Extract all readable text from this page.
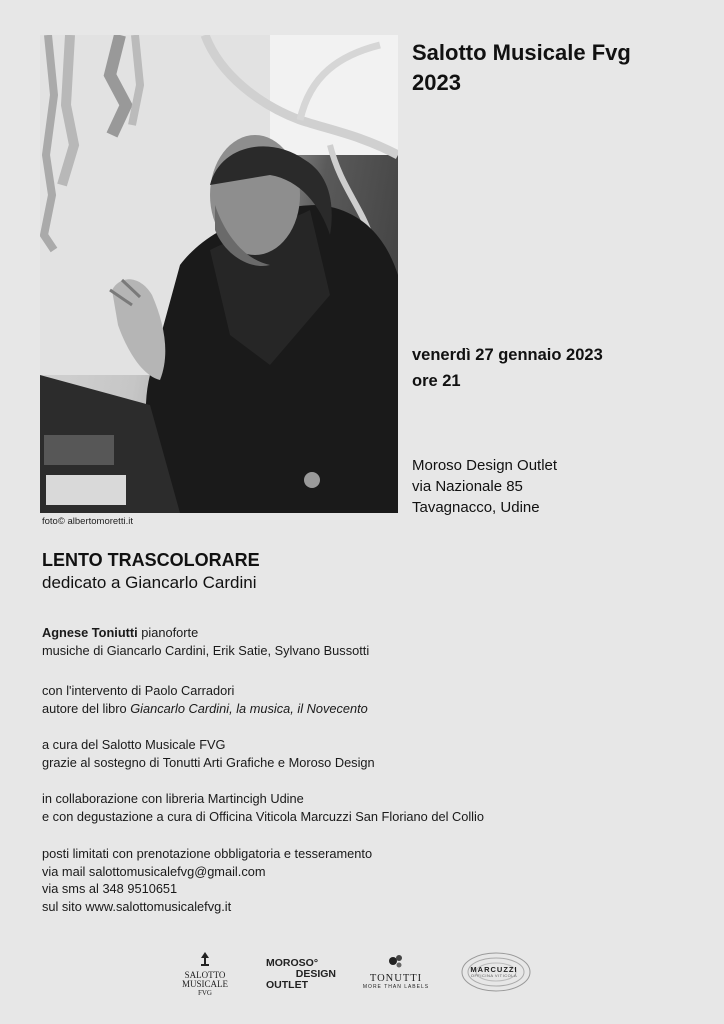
foto© albertomoretti.it
Salotto Musicale Fvg
2023
venerdì 27 gennaio 2023
ore 21
Moroso Design Outlet
via Nazionale 85
Tavagnacco, Udine
LENTO TRASCOLORARE
dedicato a Giancarlo Cardini
Agnese Toniutti pianoforte
musiche di Giancarlo Cardini, Erik Satie, Sylvano Bussotti
con l'intervento di Paolo Carradori
autore del libro Giancarlo Cardini, la musica, il Novecento
a cura del Salotto Musicale FVG
grazie al sostegno di Tonutti Arti Grafiche e Moroso Design
in collaborazione con libreria Martincigh Udine
e con degustazione a cura di Officina Viticola Marcuzzi San Floriano del Collio
posti limitati con prenotazione obbligatoria e tesseramento
via mail salottomusicalefvg@gmail.com
via sms al 348 9510651
sul sito www.salottomusicalefvg.it
SALOTTO
MUSICALE
FVG
MOROSO°
DESIGN
OUTLET
TONUTTI
MORE THAN LABELS
MARCUZZI
OFFICINA VITICOLA
